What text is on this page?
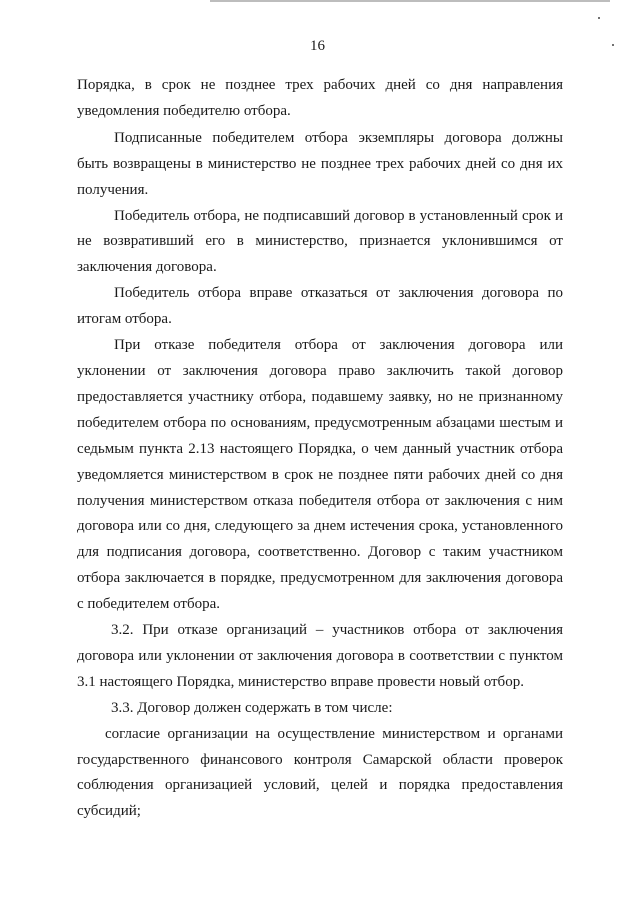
16

Порядка, в срок не позднее трех рабочих дней со дня направления уведомления победителю отбора.

Подписанные победителем отбора экземпляры договора должны быть возвращены в министерство не позднее трех рабочих дней со дня их получения.

Победитель отбора, не подписавший договор в установленный срок и не возвративший его в министерство, признается уклонившимся от заключения договора.

Победитель отбора вправе отказаться от заключения договора по итогам отбора.

При отказе победителя отбора от заключения договора или уклонении от заключения договора право заключить такой договор предоставляется участнику отбора, подавшему заявку, но не признанному победителем отбора по основаниям, предусмотренным абзацами шестым и седьмым пункта 2.13 настоящего Порядка, о чем данный участник отбора уведомляется министерством в срок не позднее пяти рабочих дней со дня получения министерством отказа победителя отбора от заключения с ним договора или со дня, следующего за днем истечения срока, установленного для подписания договора, соответственно. Договор с таким участником отбора заключается в порядке, предусмотренном для заключения договора с победителем отбора.

3.2. При отказе организаций – участников отбора от заключения договора или уклонении от заключения договора в соответствии с пунктом 3.1 настоящего Порядка, министерство вправе провести новый отбор.

3.3. Договор должен содержать в том числе:

согласие организации на осуществление министерством и органами государственного финансового контроля Самарской области проверок соблюдения организацией условий, целей и порядка предоставления субсидий;
